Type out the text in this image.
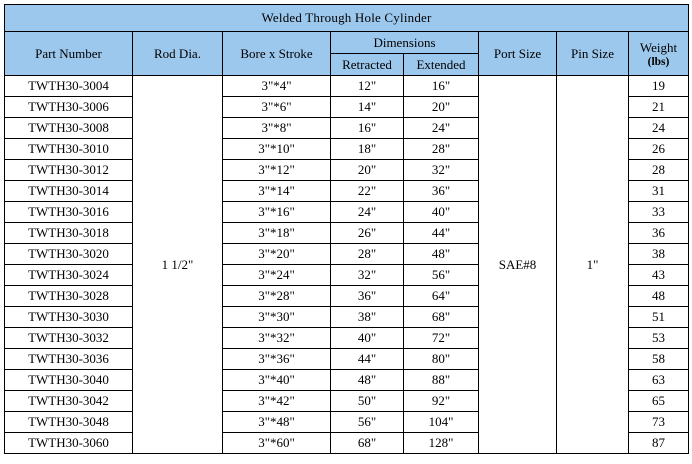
Welded Through Hole Cylinder							
Part Number	Rod Dia.	Bore x Stroke	Dimensions		Port Size	Pin Size	Weight
(lbs)

			Retracted	Extended			
TWTH30-3004	1 1/2"	3"*4"	12"	16"	SAE#8	1"	19
TWTH30-3006		3"*6"	14"	20"			21
TWTH30-3008		3"*8"	16"	24"			24
TWTH30-3010		3"*10"	18"	28"			26
TWTH30-3012		3"*12"	20"	32"			28
TWTH30-3014		3"*14"	22"	36"			31
TWTH30-3016		3"*16"	24"	40"			33
TWTH30-3018		3"*18"	26"	44"			36
TWTH30-3020		3"*20"	28"	48"			38
TWTH30-3024		3"*24"	32"	56"			43
TWTH30-3028		3"*28"	36"	64"			48
TWTH30-3030		3"*30"	38"	68"			51
TWTH30-3032		3"*32"	40"	72"			53
TWTH30-3036		3"*36"	44"	80"			58
TWTH30-3040		3"*40"	48"	88"			63
TWTH30-3042		3"*42"	50"	92"			65
TWTH30-3048		3"*48"	56"	104"			73
TWTH30-3060		3"*60"	68"	128"			87
